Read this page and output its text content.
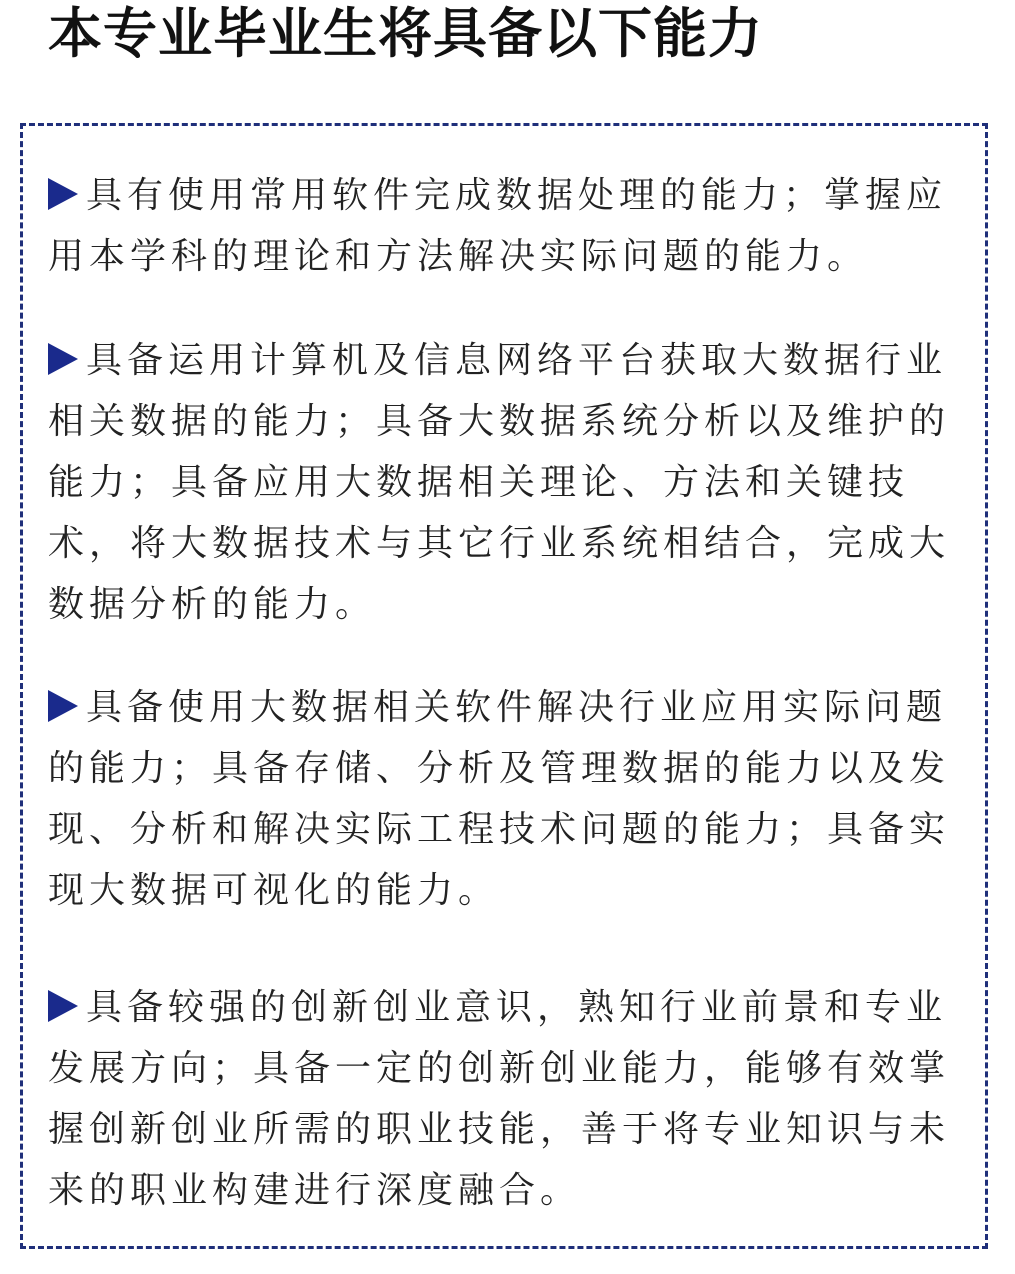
本专业毕业生将具备以下能力

具有使用常用软件完成数据处理的能力；掌握应用本学科的理论和方法解决实际问题的能力。

具备运用计算机及信息网络平台获取大数据行业相关数据的能力；具备大数据系统分析以及维护的能力；具备应用大数据相关理论、方法和关键技术，将大数据技术与其它行业系统相结合，完成大数据分析的能力。

具备使用大数据相关软件解决行业应用实际问题的能力；具备存储、分析及管理数据的能力以及发现、分析和解决实际工程技术问题的能力；具备实现大数据可视化的能力。

具备较强的创新创业意识，熟知行业前景和专业发展方向；具备一定的创新创业能力，能够有效掌握创新创业所需的职业技能，善于将专业知识与未来的职业构建进行深度融合。
